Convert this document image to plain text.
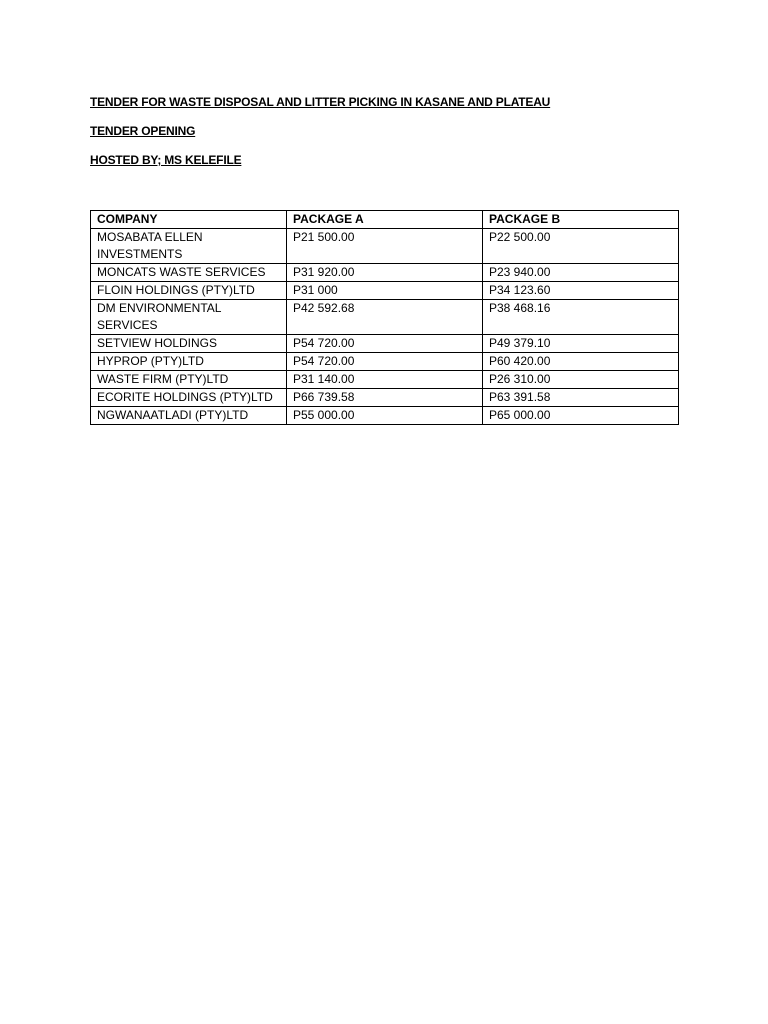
TENDER FOR WASTE DISPOSAL AND LITTER PICKING IN KASANE AND PLATEAU
TENDER OPENING
HOSTED BY; MS KELEFILE
COMPANY	PACKAGE A	PACKAGE B
MOSABATA ELLEN INVESTMENTS	P21 500.00	P22 500.00
MONCATS WASTE SERVICES	P31 920.00	P23 940.00
FLOIN HOLDINGS (PTY)LTD	P31 000	P34 123.60
DM ENVIRONMENTAL SERVICES	P42 592.68	P38 468.16
SETVIEW HOLDINGS	P54 720.00	P49 379.10
HYPROP (PTY)LTD	P54 720.00	P60 420.00
WASTE FIRM (PTY)LTD	P31 140.00	P26 310.00
ECORITE HOLDINGS (PTY)LTD	P66 739.58	P63 391.58
NGWANAATLADI (PTY)LTD	P55 000.00	P65 000.00
